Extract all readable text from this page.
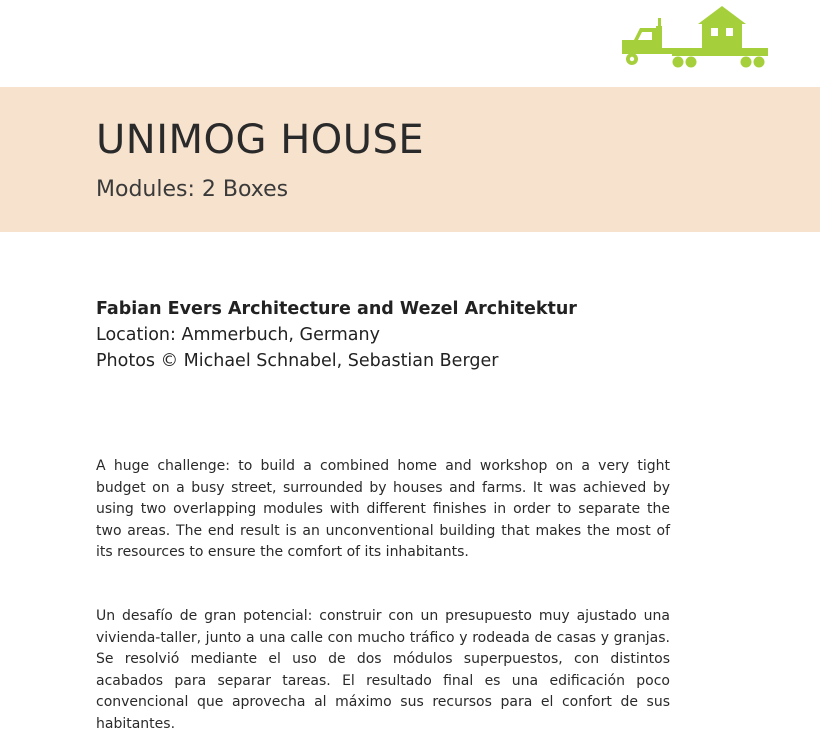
UNIMOG HOUSE
Modules: 2 Boxes
Fabian Evers Architecture and Wezel Architektur
Location: Ammerbuch, Germany
Photos © Michael Schnabel, Sebastian Berger

A huge challenge: to build a combined home and workshop on a very tight budget on a busy street, surrounded by houses and farms. It was achieved by using two overlapping modules with different finishes in order to separate the two areas. The end result is an unconventional building that makes the most of its resources to ensure the comfort of its inhabitants.

Un desafío de gran potencial: construir con un presupuesto muy ajustado una vivienda-taller, junto a una calle con mucho tráfico y rodeada de casas y granjas. Se resolvió mediante el uso de dos módulos superpuestos, con distintos acabados para separar tareas. El resultado final es una edificación poco convencional que aprovecha al máximo sus recursos para el confort de sus habitantes.
